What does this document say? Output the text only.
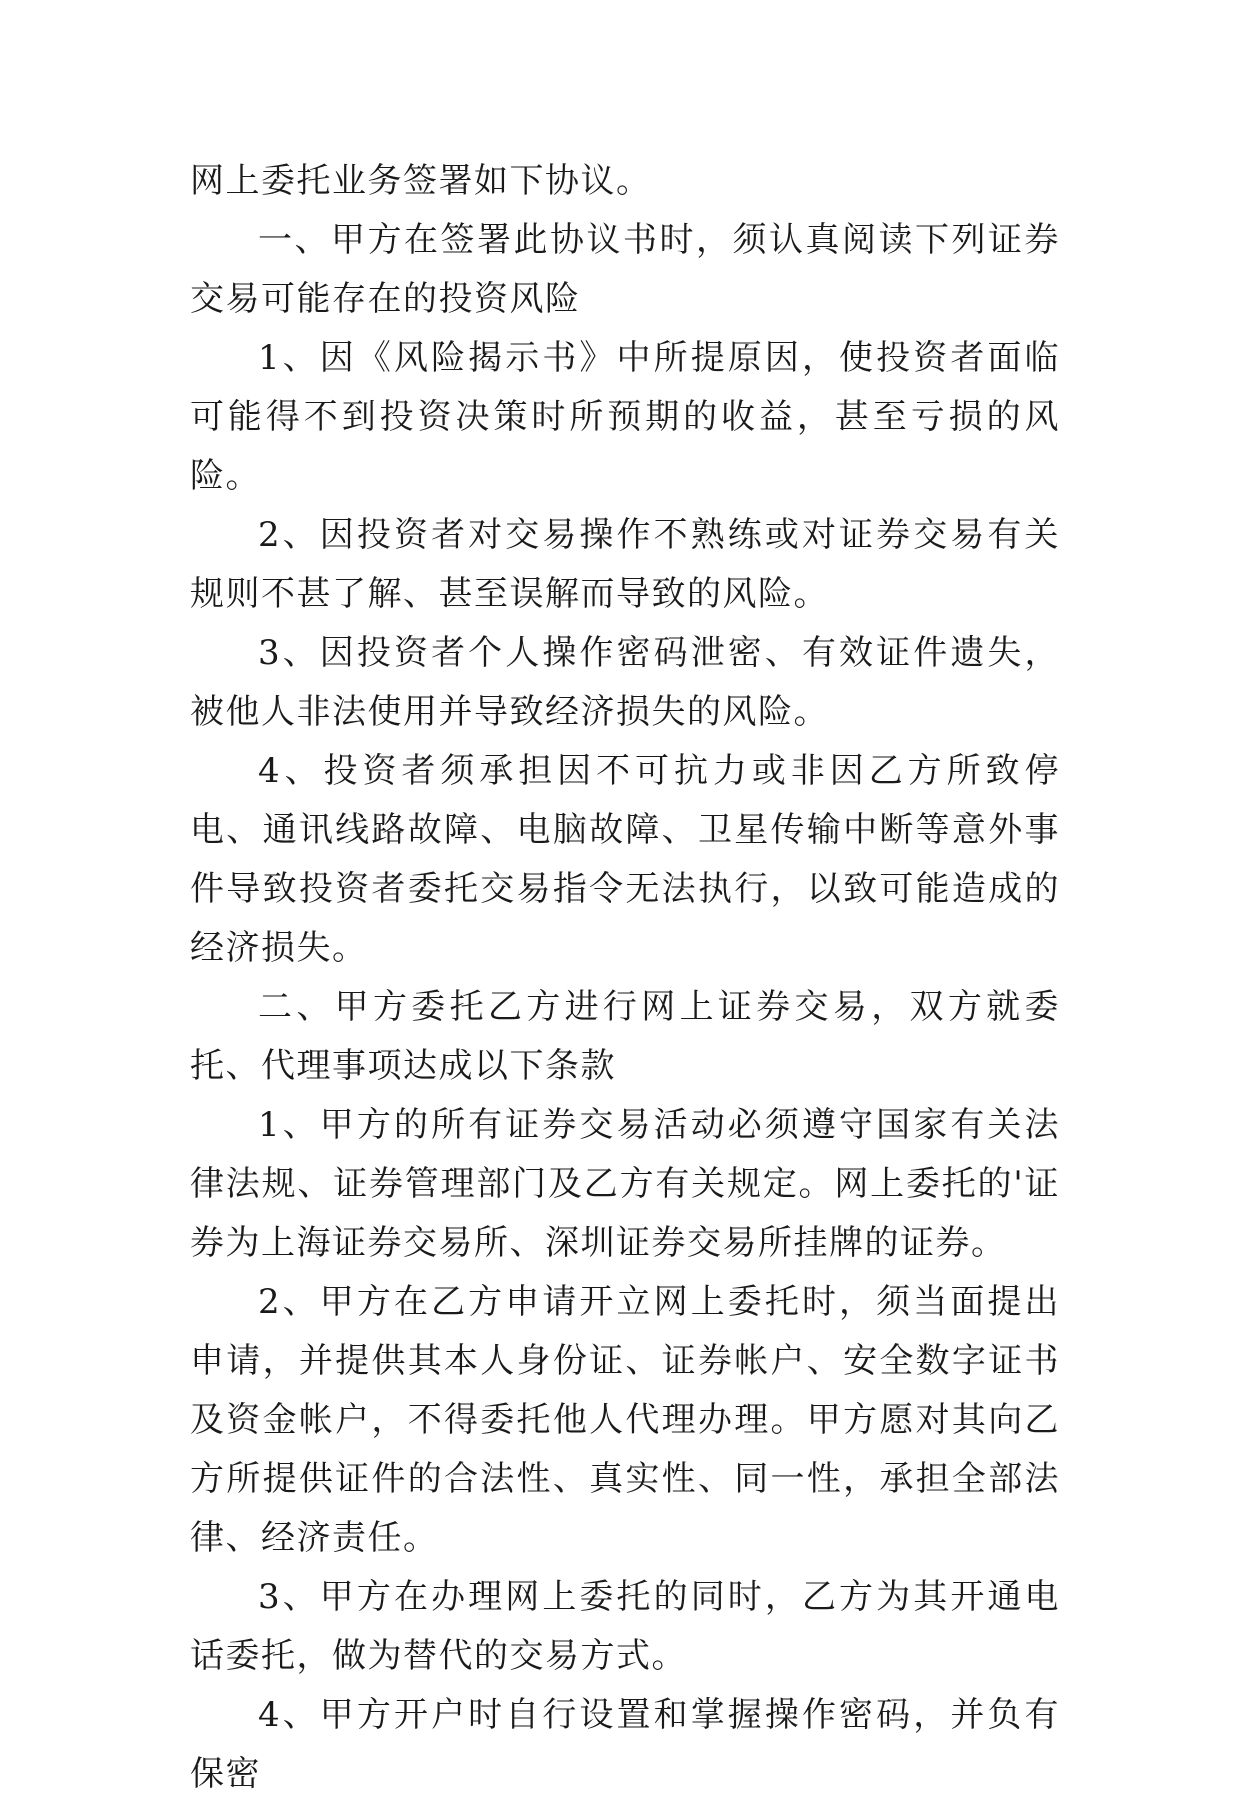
网上委托业务签署如下协议。

一、甲方在签署此协议书时，须认真阅读下列证券交易可能存在的投资风险

1、因《风险揭示书》中所提原因，使投资者面临可能得不到投资决策时所预期的收益，甚至亏损的风险。

2、因投资者对交易操作不熟练或对证券交易有关规则不甚了解、甚至误解而导致的风险。

3、因投资者个人操作密码泄密、有效证件遗失，被他人非法使用并导致经济损失的风险。

4、投资者须承担因不可抗力或非因乙方所致停电、通讯线路故障、电脑故障、卫星传输中断等意外事件导致投资者委托交易指令无法执行，以致可能造成的经济损失。

二、甲方委托乙方进行网上证券交易，双方就委托、代理事项达成以下条款

1、甲方的所有证券交易活动必须遵守国家有关法律法规、证券管理部门及乙方有关规定。网上委托的'证券为上海证券交易所、深圳证券交易所挂牌的证券。

2、甲方在乙方申请开立网上委托时，须当面提出申请，并提供其本人身份证、证券帐户、安全数字证书及资金帐户，不得委托他人代理办理。甲方愿对其向乙方所提供证件的合法性、真实性、同一性，承担全部法律、经济责任。

3、甲方在办理网上委托的同时，乙方为其开通电话委托，做为替代的交易方式。

4、甲方开户时自行设置和掌握操作密码，并负有保密
